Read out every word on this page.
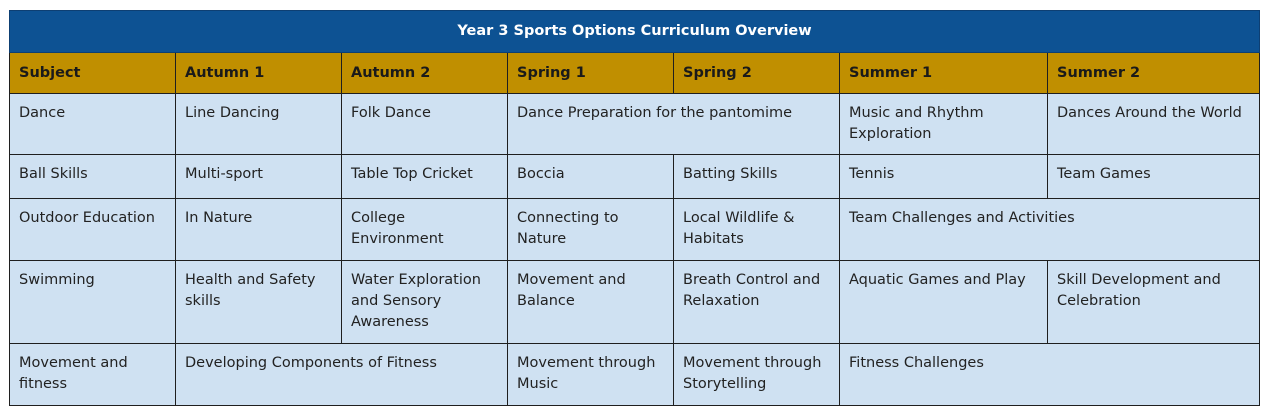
Year 3 Sports Options Curriculum Overview						
Subject	Autumn 1	Autumn 2	Spring 1	Spring 2	Summer 1	Summer 2
Dance	Line Dancing	Folk Dance	Dance Preparation for the pantomime		Music and Rhythm Exploration	Dances Around the World
Ball Skills	Multi-sport	Table Top Cricket	Boccia	Batting Skills	Tennis	Team Games
Outdoor Education	In Nature	College Environment	Connecting to Nature	Local Wildlife & Habitats	Team Challenges and Activities	
Swimming	Health and Safety skills	Water Exploration and Sensory Awareness	Movement and Balance	Breath Control and Relaxation	Aquatic Games and Play	Skill Development and Celebration
Movement and fitness	Developing Components of Fitness		Movement through Music	Movement through Storytelling	Fitness Challenges	
